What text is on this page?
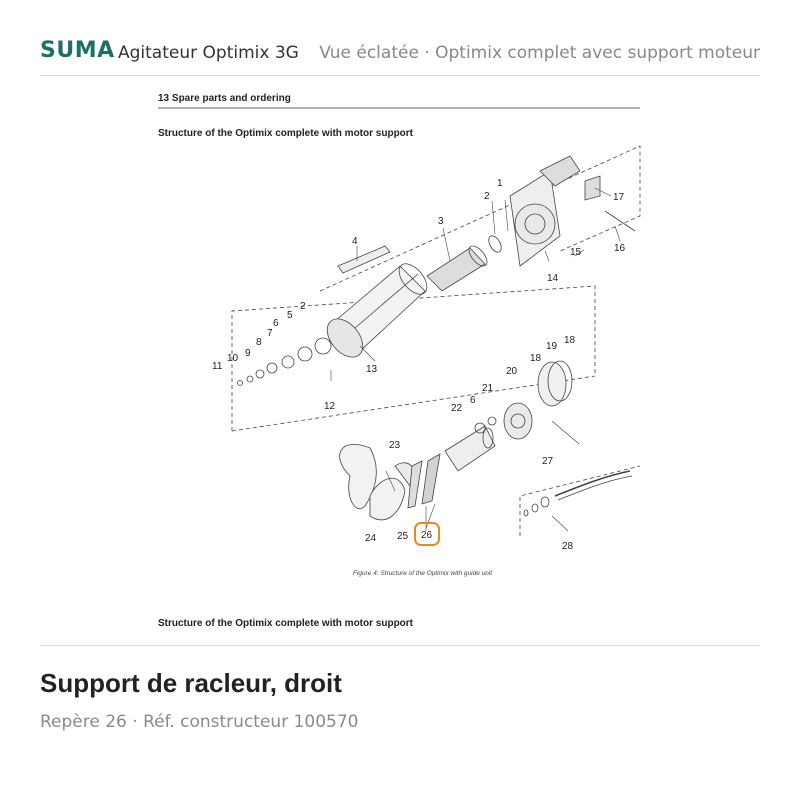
SUMA Agitateur Optimix 3G Vue éclatée · Optimix complet avec support moteur
13 Spare parts and ordering
Structure of the Optimix complete with motor support
1
2
3
4
15	16
17
14
2
5
6
7
8
9
10
11
12
13
18
19
18
20
21
6
22
27
23
24 25
28
26
Figure 4: Structure of the Optimix with guide unit
Structure of the Optimix complete with motor support
Support de racleur, droit
Repère 26 · Réf. constructeur 100570
